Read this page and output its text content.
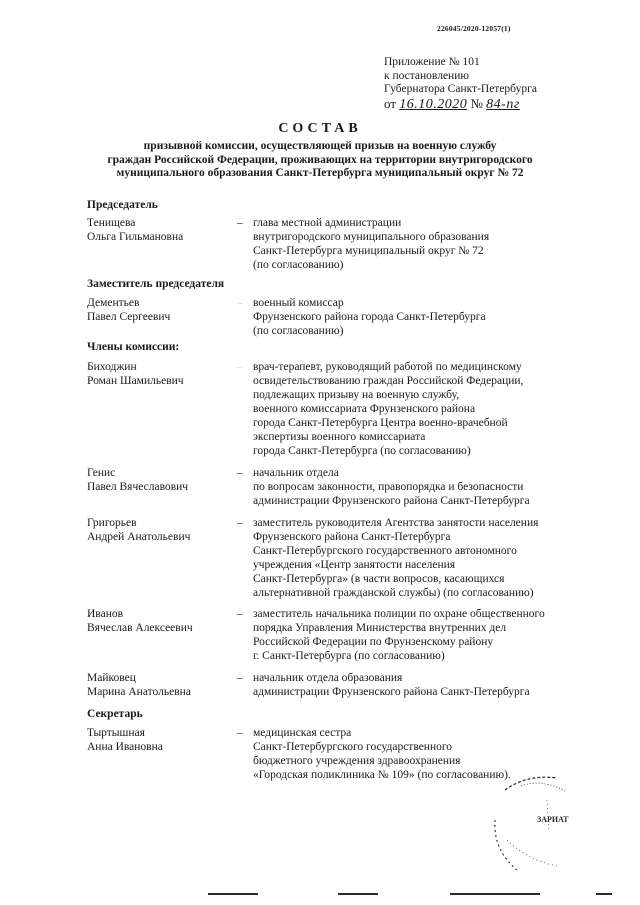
226045/2020-12057(1)
Приложение № 101
к постановлению
Губернатора Санкт-Петербурга
от 16.10.2020 № 84-пг
СОСТАВ
призывной комиссии, осуществляющей призыв на военную службу
граждан Российской Федерации, проживающих на территории внутригородского
муниципального образования Санкт-Петербурга муниципальный округ № 72
Председатель
Тенищева
Ольга Гильмановна
– глава местной администрации
внутригородского муниципального образования
Санкт-Петербурга муниципальный округ № 72
(по согласованию)
Заместитель председателя
Дементьев
Павел Сергеевич
– военный комиссар
Фрунзенского района города Санкт-Петербурга
(по согласованию)
Члены комиссии:
Биходжин
Роман Шамильевич
– врач-терапевт, руководящий работой по медицинскому
освидетельствованию граждан Российской Федерации,
подлежащих призыву на военную службу,
военного комиссариата Фрунзенского района
города Санкт-Петербурга Центра военно-врачебной
экспертизы военного комиссариата
города Санкт-Петербурга (по согласованию)
Генис
Павел Вячеславович
– начальник отдела
по вопросам законности, правопорядка и безопасности
администрации Фрунзенского района Санкт-Петербурга
Григорьев
Андрей Анатольевич
– заместитель руководителя Агентства занятости населения
Фрунзенского района Санкт-Петербурга
Санкт-Петербургского государственного автономного
учреждения «Центр занятости населения
Санкт-Петербурга» (в части вопросов, касающихся
альтернативной гражданской службы) (по согласованию)
Иванов
Вячеслав Алексеевич
– заместитель начальника полиции по охране общественного
порядка Управления Министерства внутренних дел
Российской Федерации по Фрунзенскому району
г. Санкт-Петербурга (по согласованию)
Майковец
Марина Анатольевна
– начальник отдела образования
администрации Фрунзенского района Санкт-Петербурга
Секретарь
Тыртышная
Анна Ивановна
– медицинская сестра
Санкт-Петербургского государственного
бюджетного учреждения здравоохранения
«Городская поликлиника № 109» (по согласованию).
ЗАРИАТ
